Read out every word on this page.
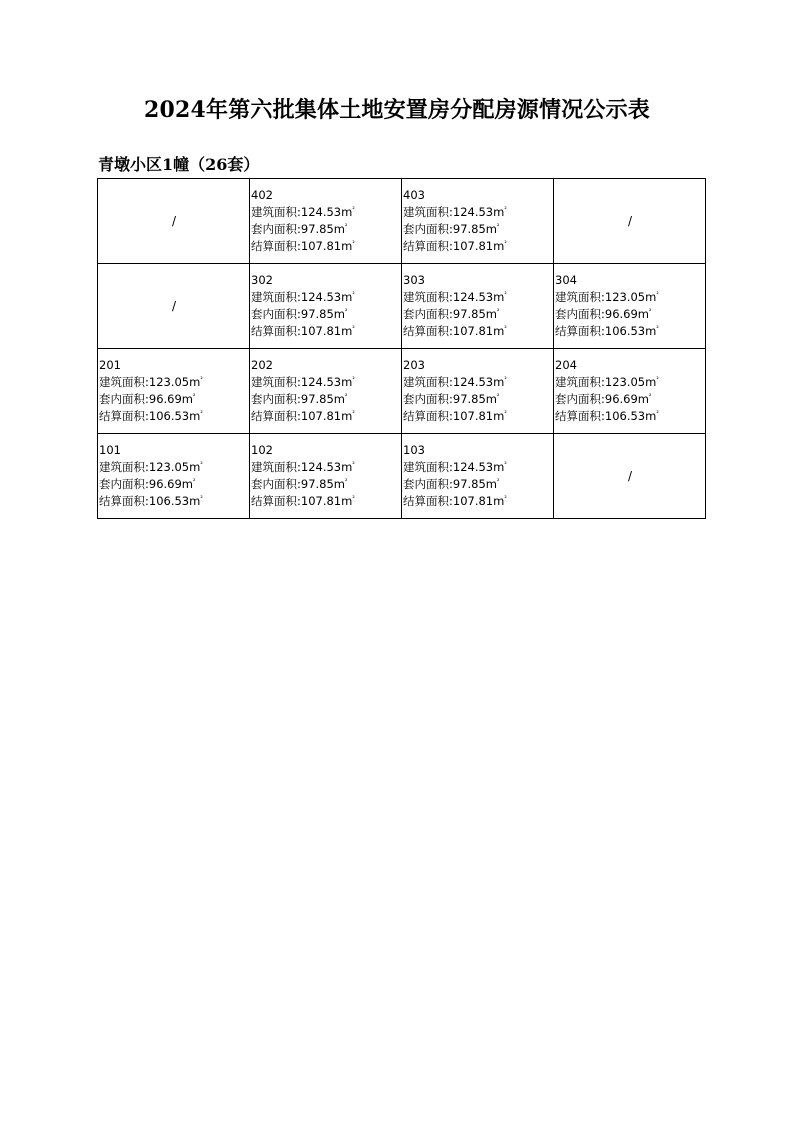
2024年第六批集体土地安置房分配房源情况公示表
青墩小区1幢（26套）
/	402
建筑面积$:124.53m^{^2}$
套内面积$:97.85m^{^2}$
结算面积$:107.81m^{^2}$	403
建筑面积$:124.53m^{^2}$
套内面积$:97.85m^{^2}$
结算面积$:107.81m^{^2}$	/
/	302
建筑面积$:124.53m^{^2}$
套内面积$:97.85m^{^2}$
结算面积$:107.81m^{^2}$	303
建筑面积$:124.53m^{^2}$
套内面积$:97.85m^{^2}$
结算面积$:107.81m^{^2}$	304
建筑面积$:123.05m^{^2}$
套内面积$:96.69m^{^2}$
结算面积$:106.53m^{^2}$

201
建筑面积$:123.05m^{^2}$
套内面积$:96.69m^{^2}$
结算面积$:106.53m^{^2}$	202
建筑面积$:124.53m^{^2}$
套内面积$:97.85m^{^2}$
结算面积$:107.81m^{^2}$	203
建筑面积$:124.53m^{^2}$
套内面积$:97.85m^{^2}$
结算面积$:107.81m^{^2}$	204
建筑面积$:123.05m^{^2}$
套内面积$:96.69m^{^2}$
结算面积$:106.53m^{^2}$

101
建筑面积$:123.05m^{^2}$
套内面积$:96.69m^{^2}$
结算面积$:106.53m^{^2}$	102
建筑面积$:124.53m^{^2}$
套内面积$:97.85m^{^2}$
结算面积$:107.81m^{^2}$	103
建筑面积$:124.53m^{^2}$
套内面积$:97.85m^{^2}$
结算面积$:107.81m^{^2}$	/
